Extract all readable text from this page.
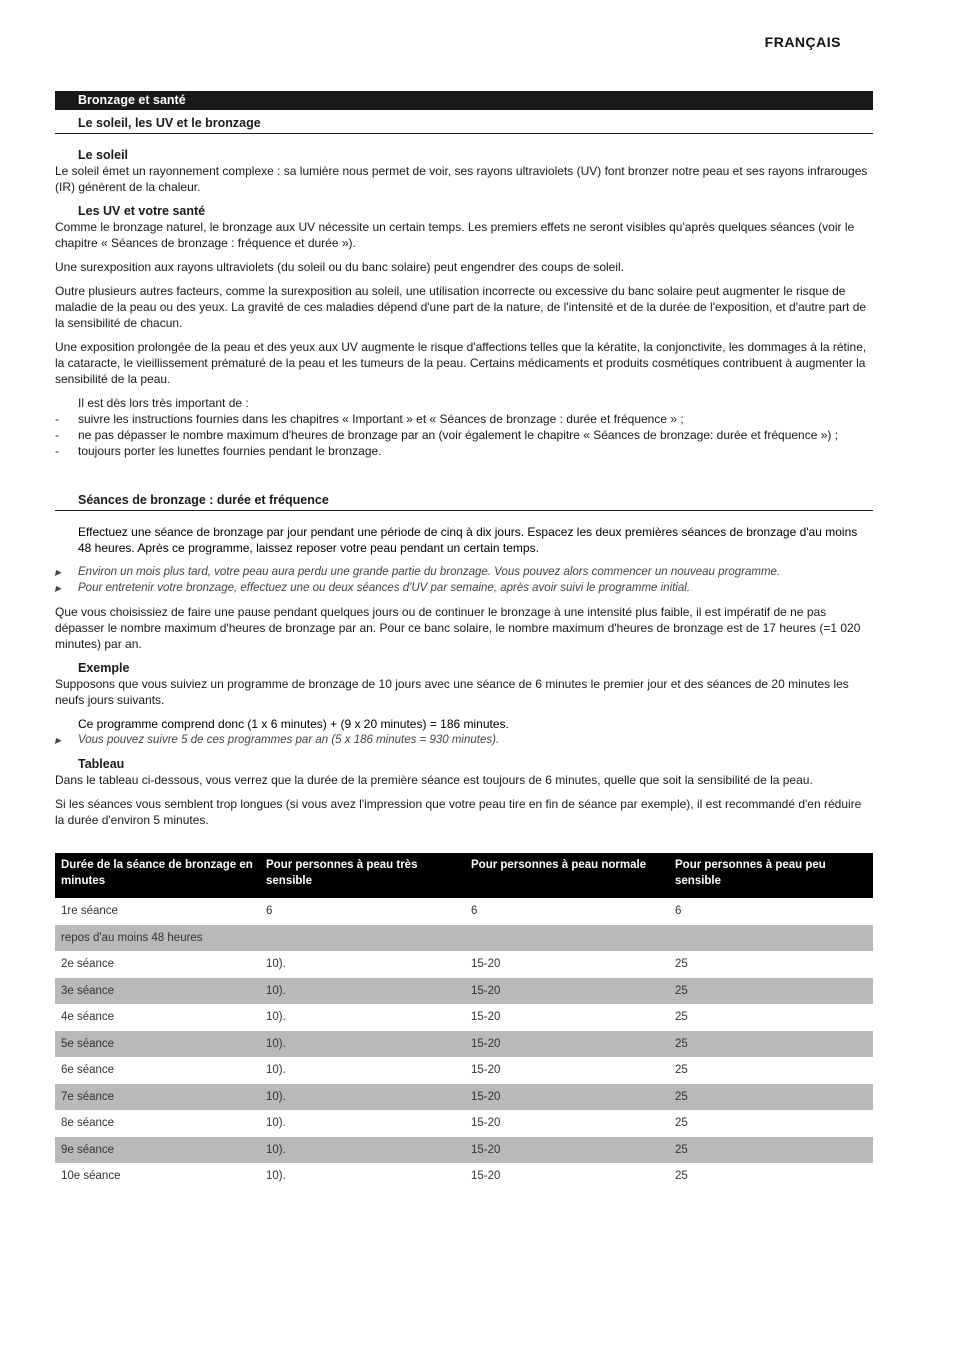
FRANÇAIS
Bronzage et santé
Le soleil, les UV et le bronzage

Le soleil

Le soleil émet un rayonnement complexe : sa lumière nous permet de voir, ses rayons ultraviolets (UV) font bronzer notre peau et ses rayons infrarouges (IR) génèrent de la chaleur.

Les UV et votre santé

Comme le bronzage naturel, le bronzage aux UV nécessite un certain temps. Les premiers effets ne seront visibles qu'après quelques séances (voir le chapitre « Séances de bronzage : fréquence et durée »).

Une surexposition aux rayons ultraviolets (du soleil ou du banc solaire) peut engendrer des coups de soleil.

Outre plusieurs autres facteurs, comme la surexposition au soleil, une utilisation incorrecte ou excessive du banc solaire peut augmenter le risque de maladie de la peau ou des yeux. La gravité de ces maladies dépend d'une part de la nature, de l'intensité et de la durée de l'exposition, et d'autre part de la sensibilité de chacun.

Une exposition prolongée de la peau et des yeux aux UV augmente le risque d'affections telles que la kératite, la conjonctivite, les dommages à la rétine, la cataracte, le vieillissement prématuré de la peau et les tumeurs de la peau. Certains médicaments et produits cosmétiques contribuent à augmenter la sensibilité de la peau.

Il est dès lors très important de :

- suivre les instructions fournies dans les chapitres « Important » et « Séances de bronzage : durée et fréquence » ;
- ne pas dépasser le nombre maximum d'heures de bronzage par an (voir également le chapitre « Séances de bronzage: durée et fréquence ») ;
- toujours porter les lunettes fournies pendant le bronzage.
Séances de bronzage : durée et fréquence

Effectuez une séance de bronzage par jour pendant une période de cinq à dix jours. Espacez les deux premières séances de bronzage d'au moins 48 heures. Après ce programme, laissez reposer votre peau pendant un certain temps.

▶ Environ un mois plus tard, votre peau aura perdu une grande partie du bronzage. Vous pouvez alors commencer un nouveau programme.
▶ Pour entretenir votre bronzage, effectuez une ou deux séances d'UV par semaine, après avoir suivi le programme initial.

Que vous choisissiez de faire une pause pendant quelques jours ou de continuer le bronzage à une intensité plus faible, il est impératif de ne pas dépasser le nombre maximum d'heures de bronzage par an. Pour ce banc solaire, le nombre maximum d'heures de bronzage est de 17 heures (=1 020 minutes) par an.

Exemple

Supposons que vous suiviez un programme de bronzage de 10 jours avec une séance de 6 minutes le premier jour et des séances de 20 minutes les neufs jours suivants.

Ce programme comprend donc (1 x 6 minutes) + (9 x 20 minutes) = 186 minutes.

▶ Vous pouvez suivre 5 de ces programmes par an (5 x 186 minutes = 930 minutes).

Tableau

Dans le tableau ci-dessous, vous verrez que la durée de la première séance est toujours de 6 minutes, quelle que soit la sensibilité de la peau.

Si les séances vous semblent trop longues (si vous avez l'impression que votre peau tire en fin de séance par exemple), il est recommandé d'en réduire la durée d'environ 5 minutes.

Durée de la séance de bronzage en minutes	Pour personnes à peau très sensible	Pour personnes à peau normale	Pour personnes à peau peu sensible
1re séance	6	6	6
repos d'au moins 48 heures			
2e séance	10).	15-20	25
3e séance	10).	15-20	25
4e séance	10).	15-20	25
5e séance	10).	15-20	25
6e séance	10).	15-20	25
7e séance	10).	15-20	25
8e séance	10).	15-20	25
9e séance	10).	15-20	25
10e séance	10).	15-20	25
